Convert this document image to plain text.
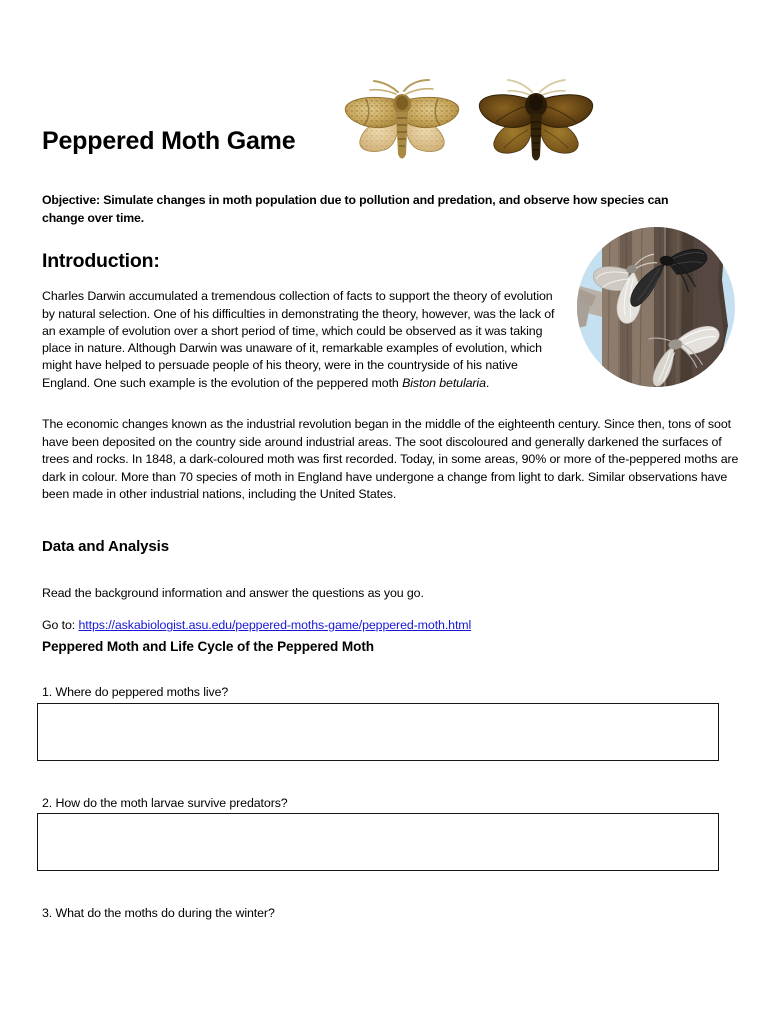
Peppered Moth Game

Objective: Simulate changes in moth population due to pollution and predation, and observe how species can change over time.

Introduction:

Charles Darwin accumulated a tremendous collection of facts to support the theory of evolution by natural selection. One of his difficulties in demonstrating the theory, however, was the lack of an example of evolution over a short period of time, which could be observed as it was taking place in nature. Although Darwin was unaware of it, remarkable examples of evolution, which might have helped to persuade people of his theory, were in the countryside of his native England. One such example is the evolution of the peppered moth Biston betularia.

The economic changes known as the industrial revolution began in the middle of the eighteenth century. Since then, tons of soot have been deposited on the country side around industrial areas. The soot discoloured and generally darkened the surfaces of trees and rocks. In 1848, a dark-coloured moth was first recorded. Today, in some areas, 90% or more of the-peppered moths are dark in colour. More than 70 species of moth in England have undergone a change from light to dark. Similar observations have been made in other industrial nations, including the United States.

Data and Analysis

Read the background information and answer the questions as you go.

Go to: https://askabiologist.asu.edu/peppered-moths-game/peppered-moth.html

Peppered Moth and Life Cycle of the Peppered Moth

1. Where do peppered moths live?

2. How do the moth larvae survive predators?

3. What do the moths do during the winter?
